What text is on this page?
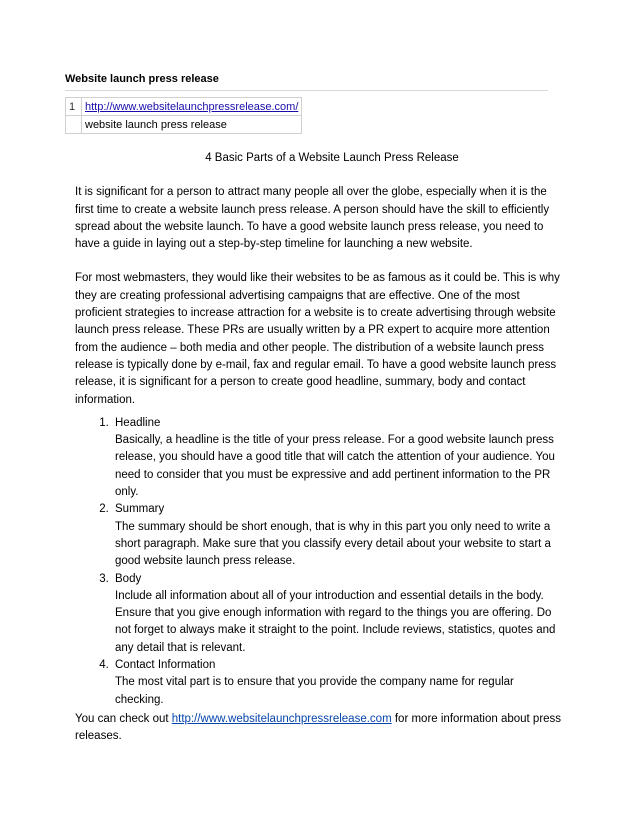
Website launch press release
1	http://www.websitelaunchpressrelease.com/
	website launch press release

4 Basic Parts of a Website Launch Press Release

It is significant for a person to attract many people all over the globe, especially when it is the first time to create a website launch press release. A person should have the skill to efficiently spread about the website launch. To have a good website launch press release, you need to have a guide in laying out a step-by-step timeline for launching a new website.

For most webmasters, they would like their websites to be as famous as it could be. This is why they are creating professional advertising campaigns that are effective. One of the most proficient strategies to increase attraction for a website is to create advertising through website launch press release. These PRs are usually written by a PR expert to acquire more attention from the audience – both media and other people. The distribution of a website launch press release is typically done by e-mail, fax and regular email. To have a good website launch press release, it is significant for a person to create good headline, summary, body and contact information.

1. Headline
Basically, a headline is the title of your press release. For a good website launch press release, you should have a good title that will catch the attention of your audience. You need to consider that you must be expressive and add pertinent information to the PR only.
2. Summary
The summary should be short enough, that is why in this part you only need to write a short paragraph. Make sure that you classify every detail about your website to start a good website launch press release.
3. Body
Include all information about all of your introduction and essential details in the body. Ensure that you give enough information with regard to the things you are offering. Do not forget to always make it straight to the point. Include reviews, statistics, quotes and any detail that is relevant.
4. Contact Information
The most vital part is to ensure that you provide the company name for regular checking.

You can check out http://www.websitelaunchpressrelease.com for more information about press releases.
